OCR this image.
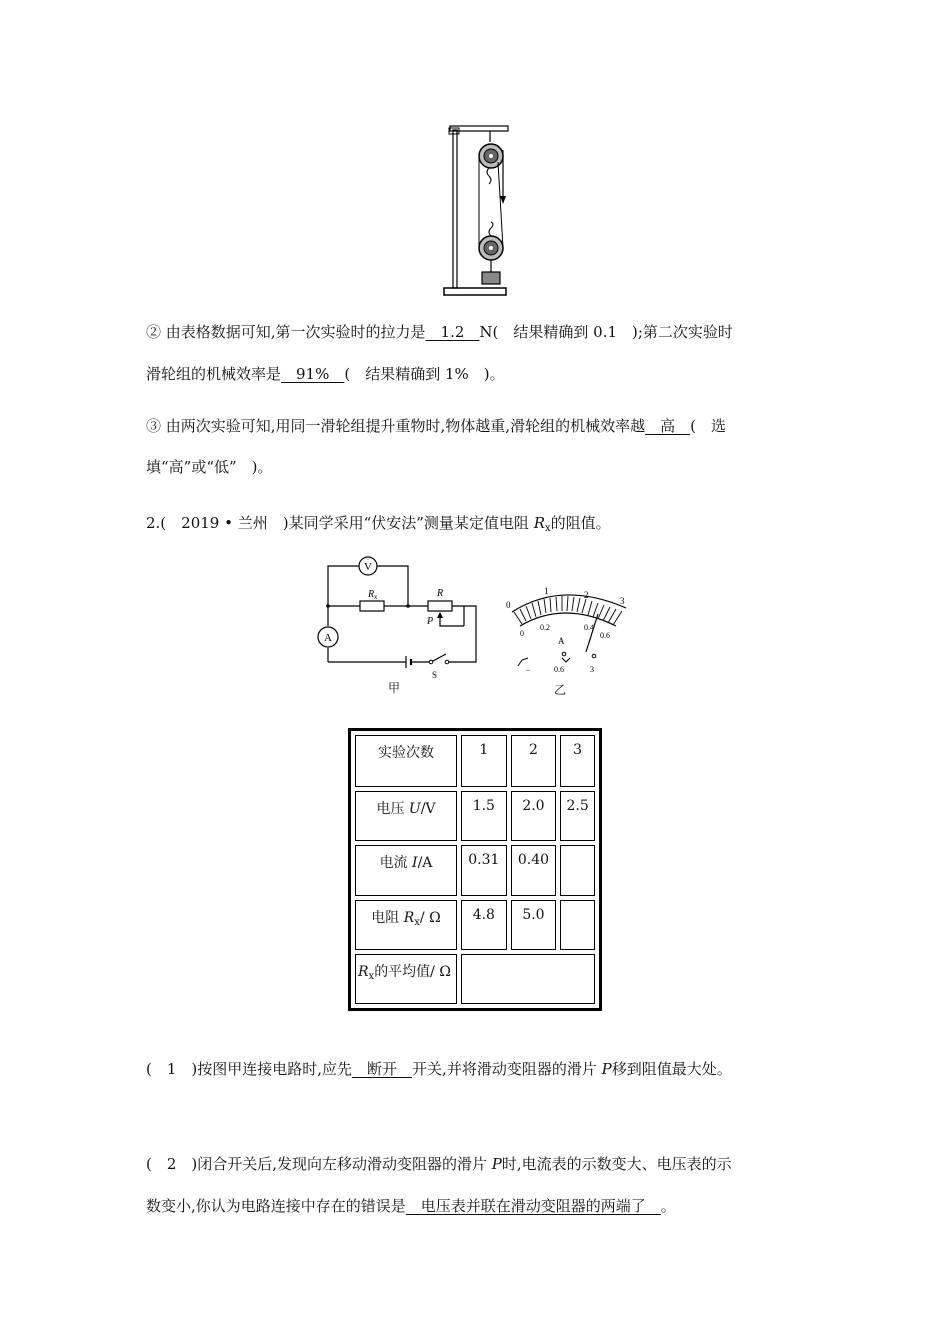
② 由表格数据可知,第一次实验时的拉力是　1.2　N(　结果精确到 0.1　);第二次实验时
滑轮组的机械效率是　91%　(　结果精确到 1%　)。
③ 由两次实验可知,用同一滑轮组提升重物时,物体越重,滑轮组的机械效率越　高　(　选
填“高”或“低”　)。
2.(　2019 • 兰州　)某同学采用“伏安法”测量某定值电阻 $R_x$的阻值。
V
A
$R_x$	R
P
S
甲
0
1	2
3
0
0.2	0.4
0.6
A
–	0.6	3
乙
实验次数	1	2	3
电压 U/V	1.5	2.0	2.5
电流 I/A	0.31	0.40	
电阻 $R_x/$ Ω	4.8	5.0	
$R_x$的平均值/ Ω			
(　1　)按图甲连接电路时,应先　断开　开关,并将滑动变阻器的滑片 P移到阻值最大处。
(　2　)闭合开关后,发现向左移动滑动变阻器的滑片 P时,电流表的示数变大、电压表的示
数变小,你认为电路连接中存在的错误是　电压表并联在滑动变阻器的两端了　。
